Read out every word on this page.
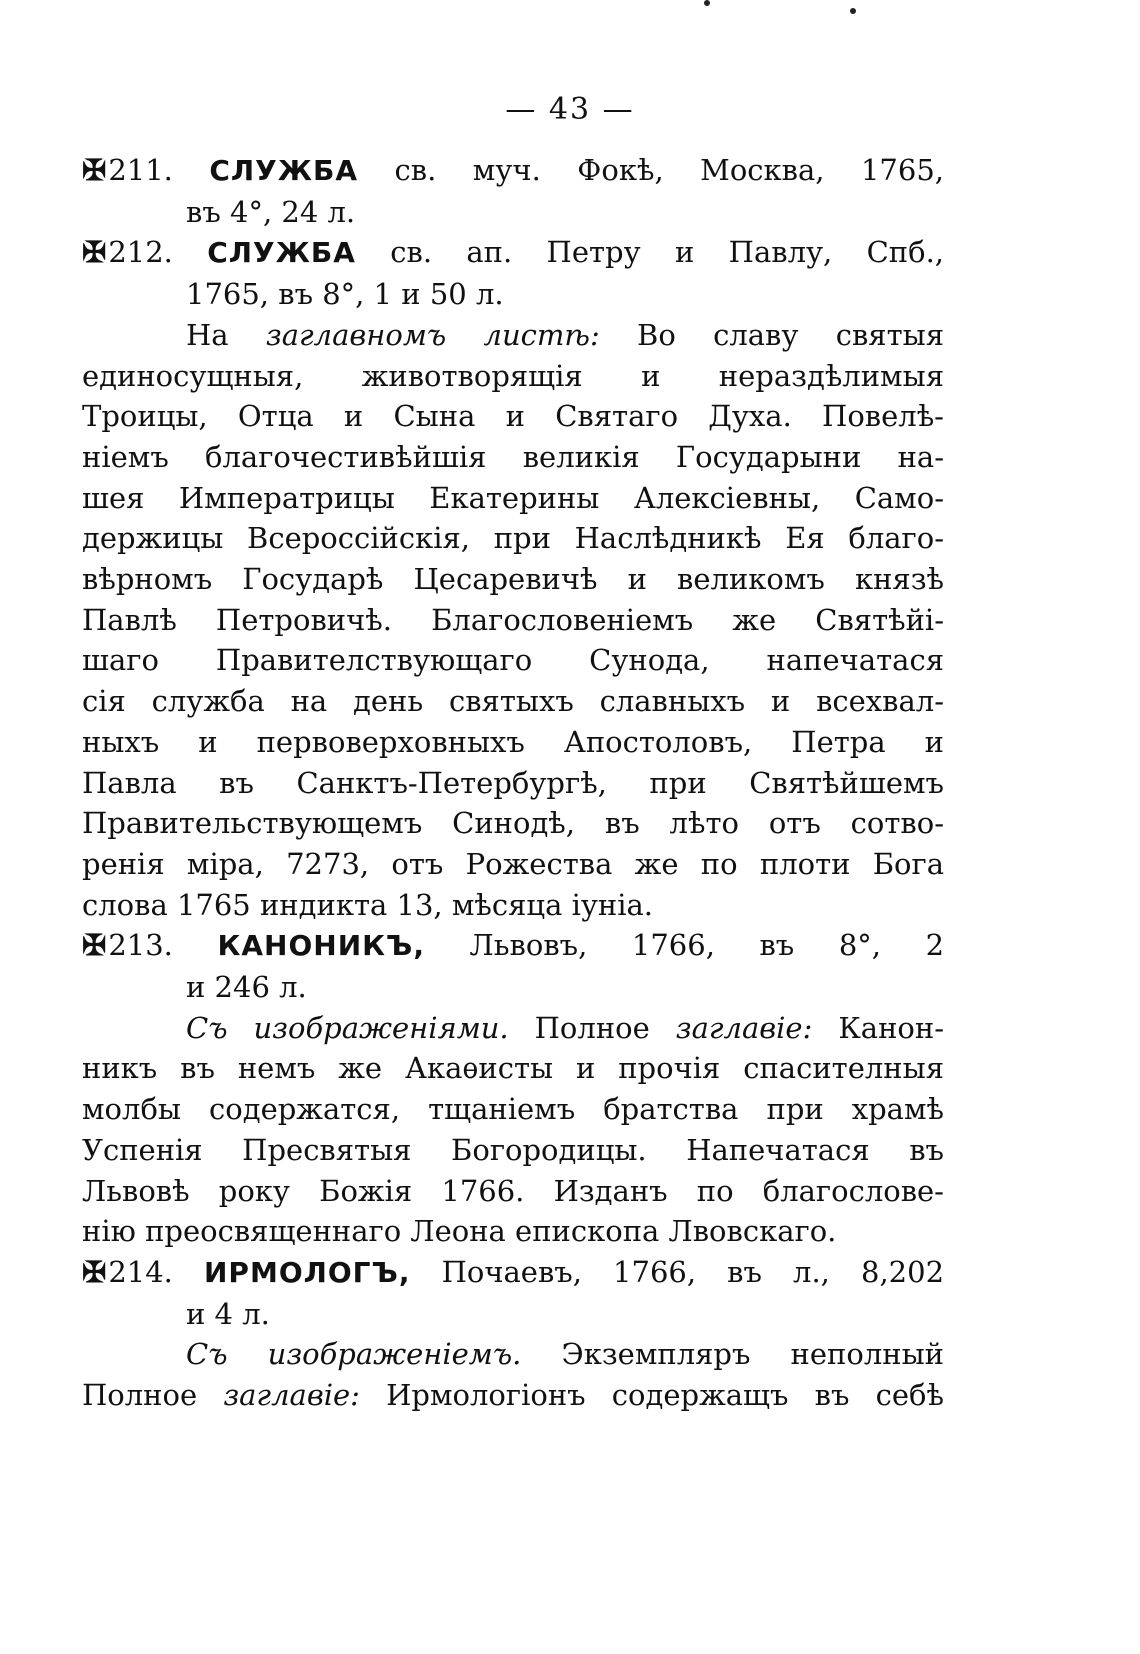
— 43 —
✠211. СЛУЖБА св. муч. Фокѣ, Москва, 1765,
въ 4°, 24 л.
✠212. СЛУЖБА св. ап. Петру и Павлу, Спб.,
1765, въ 8°, 1 и 50 л.
На заглавномъ листѣ: Во славу святыя
единосущныя, животворящія и нераздѣлимыя
Троицы, Отца и Сына и Святаго Духа. Повелѣ-
ніемъ благочестивѣйшія великія Государыни на-
шея Императрицы Екатерины Алексіевны, Само-
держицы Всероссійскія, при Наслѣдникѣ Ея благо-
вѣрномъ Государѣ Цесаревичѣ и великомъ князѣ
Павлѣ Петровичѣ. Благословеніемъ же Святѣйі-
шаго Правителствующаго Сунода, напечатася
сія служба на день святыхъ славныхъ и всехвал-
ныхъ и первоверховныхъ Апостоловъ, Петра и
Павла въ Санктъ-Петербургѣ, при Святѣйшемъ
Правительствующемъ Синодѣ, въ лѣто отъ сотво-
ренія міра, 7273, отъ Рожества же по плоти Бога
слова 1765 индикта 13, мѣсяца іуніа.
✠213. КАНОНИКЪ, Львовъ, 1766, въ 8°, 2
и 246 л.
Съ изображеніями. Полное заглавіе: Канон-
никъ въ немъ же Акаѳисты и прочія спасителныя
молбы содержатся, тщаніемъ братства при храмѣ
Успенія Пресвятыя Богородицы. Напечатася въ
Львовѣ року Божія 1766. Изданъ по благослове-
нію преосвященнаго Леона епископа Лвовскаго.
✠214. ИРМОЛОГЪ, Почаевъ, 1766, въ л., 8,202
и 4 л.
Съ изображеніемъ. Экземпляръ неполный
Полное заглавіе: Ирмологіонъ содержащъ въ себѣ
